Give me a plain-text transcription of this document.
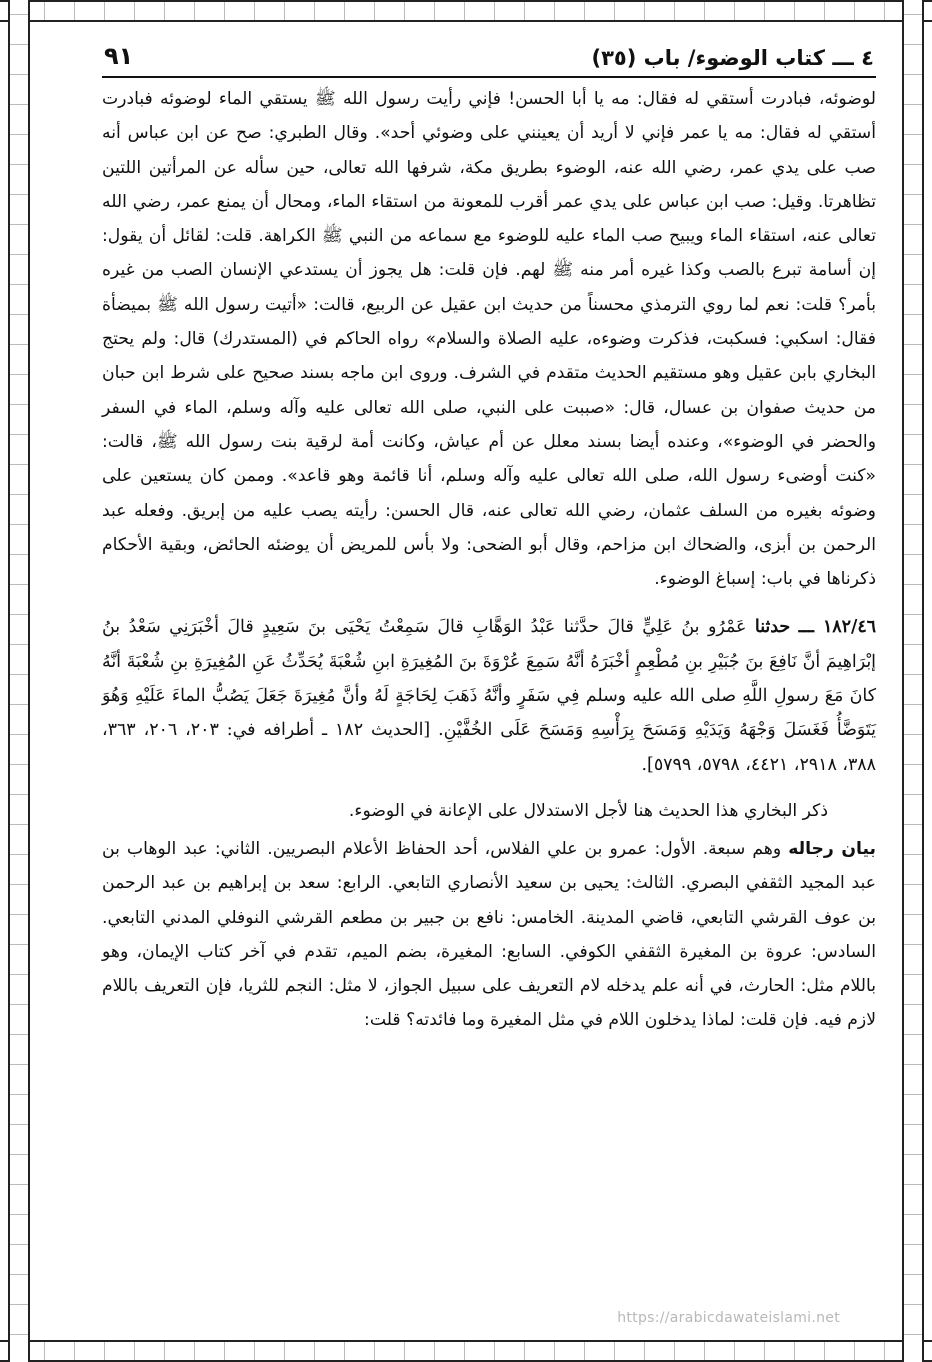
٤ ـــ كتاب الوضوء/ باب (٣٥)
٩١

لوضوئه، فبادرت أستقي له فقال: مه يا أبا الحسن! فإني رأيت رسول الله ﷺ يستقي الماء لوضوئه فبادرت أستقي له فقال: مه يا عمر فإني لا أريد أن يعينني على وضوئي أحد». وقال الطبري: صح عن ابن عباس أنه صب على يدي عمر، رضي الله عنه، الوضوء بطريق مكة، شرفها الله تعالى، حين سأله عن المرأتين اللتين تظاهرتا. وقيل: صب ابن عباس على يدي عمر أقرب للمعونة من استقاء الماء، ومحال أن يمنع عمر، رضي الله تعالى عنه، استقاء الماء ويبيح صب الماء عليه للوضوء مع سماعه من النبي ﷺ الكراهة. قلت: لقائل أن يقول: إن أسامة تبرع بالصب وكذا غيره أمر منه ﷺ لهم. فإن قلت: هل يجوز أن يستدعي الإنسان الصب من غيره بأمر؟ قلت: نعم لما روي الترمذي محسناً من حديث ابن عقيل عن الربيع، قالت: «أتيت رسول الله ﷺ بميضأة فقال: اسكبي: فسكبت، فذكرت وضوءه، عليه الصلاة والسلام» رواه الحاكم في (المستدرك) قال: ولم يحتج البخاري بابن عقيل وهو مستقيم الحديث متقدم في الشرف. وروى ابن ماجه بسند صحيح على شرط ابن حبان من حديث صفوان بن عسال، قال: «صببت على النبي، صلى الله تعالى عليه وآله وسلم، الماء في السفر والحضر في الوضوء»، وعنده أيضا بسند معلل عن أم عياش، وكانت أمة لرقية بنت رسول الله ﷺ، قالت: «كنت أوضىء رسول الله، صلى الله تعالى عليه وآله وسلم، أنا قائمة وهو قاعد». وممن كان يستعين على وضوئه بغيره من السلف عثمان، رضي الله تعالى عنه، قال الحسن: رأيته يصب عليه من إبريق. وفعله عبد الرحمن بن أبزى، والضحاك ابن مزاحم، وقال أبو الضحى: ولا بأس للمريض أن يوضئه الحائض، وبقية الأحكام ذكرناها في باب: إسباغ الوضوء.

١٨٢/٤٦ ـــ حدثنا عَمْرُو بنُ عَلِيٍّ قالَ حدَّثنا عَبْدُ الوَهَّابِ قالَ سَمِعْتُ يَحْيَى بنَ سَعِيدٍ قالَ أخْبَرَنِي سَعْدُ بنُ إبْرَاهِيمَ أنَّ نَافِعَ بنَ جُبَيْرِ بنِ مُطْعِمٍ أخْبَرَهُ أنَّهُ سَمِعَ عُرْوَةَ بنَ المُغِيرَةِ ابنِ شُعْبَةَ يُحَدِّثُ عَنِ المُغِيرَةِ بنِ شُعْبَةَ أنَّهُ كانَ مَعَ رسولِ اللَّهِ صلى الله عليه وسلم فِي سَفَرٍ وأنَّهُ ذَهَبَ لِحَاجَةٍ لَهُ وأنَّ مُغِيرَةَ جَعَلَ يَصُبُّ الماءَ عَلَيْهِ وَهُوَ يَتَوَضَّأُ فَغَسَلَ وَجْهَهُ وَيَدَيْهِ وَمَسَحَ بِرَأْسِهِ وَمَسَحَ عَلَى الخُفَّيْنِ. [الحديث ١٨٢ ـ أطرافه في: ٢٠٣، ٢٠٦، ٣٦٣، ٣٨٨، ٢٩١٨، ٤٤٢١، ٥٧٩٨، ٥٧٩٩].

ذكر البخاري هذا الحديث هنا لأجل الاستدلال على الإعانة في الوضوء.

بيان رجاله وهم سبعة. الأول: عمرو بن علي الفلاس، أحد الحفاظ الأعلام البصريين. الثاني: عبد الوهاب بن عبد المجيد الثقفي البصري. الثالث: يحيى بن سعيد الأنصاري التابعي. الرابع: سعد بن إبراهيم بن عبد الرحمن بن عوف القرشي التابعي، قاضي المدينة. الخامس: نافع بن جبير بن مطعم القرشي النوفلي المدني التابعي. السادس: عروة بن المغيرة الثقفي الكوفي. السابع: المغيرة، بضم الميم، تقدم في آخر كتاب الإيمان، وهو باللام مثل: الحارث، في أنه علم يدخله لام التعريف على سبيل الجواز، لا مثل: النجم للثريا، فإن التعريف باللام لازم فيه. فإن قلت: لماذا يدخلون اللام في مثل المغيرة وما فائدته؟ قلت:

https://arabicdawateislami.net
